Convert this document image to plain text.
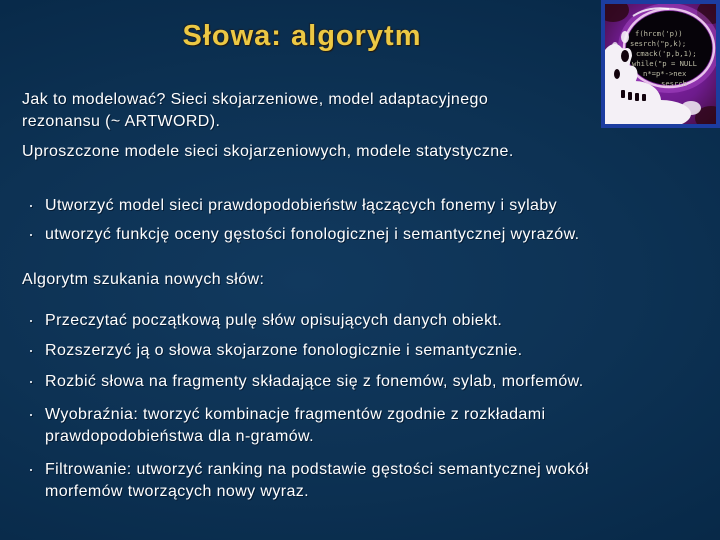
Słowa: algorytm	f(hrcm('p))
sesrch("p,k);
cmack('p,b,1);
while("p = NULL
n*=p*->nex
sesrch
Jak to modelować? Sieci skojarzeniowe, model adaptacyjnego
rezonansu (~ ARTWORD).
Uproszczone modele sieci skojarzeniowych, modele statystyczne.
· Utworzyć model sieci prawdopodobieństw łączących fonemy i sylaby
· utworzyć funkcję oceny gęstości fonologicznej i semantycznej wyrazów.
Algorytm szukania nowych słów:
· Przeczytać początkową pulę słów opisujących danych obiekt.
· Rozszerzyć ją o słowa skojarzone fonologicznie i semantycznie.
· Rozbić słowa na fragmenty składające się z fonemów, sylab, morfemów.
· Wyobraźnia: tworzyć kombinacje fragmentów zgodnie z rozkładami
prawdopodobieństwa dla n-gramów.
· Filtrowanie: utworzyć ranking na podstawie gęstości semantycznej wokół
morfemów tworzących nowy wyraz.
